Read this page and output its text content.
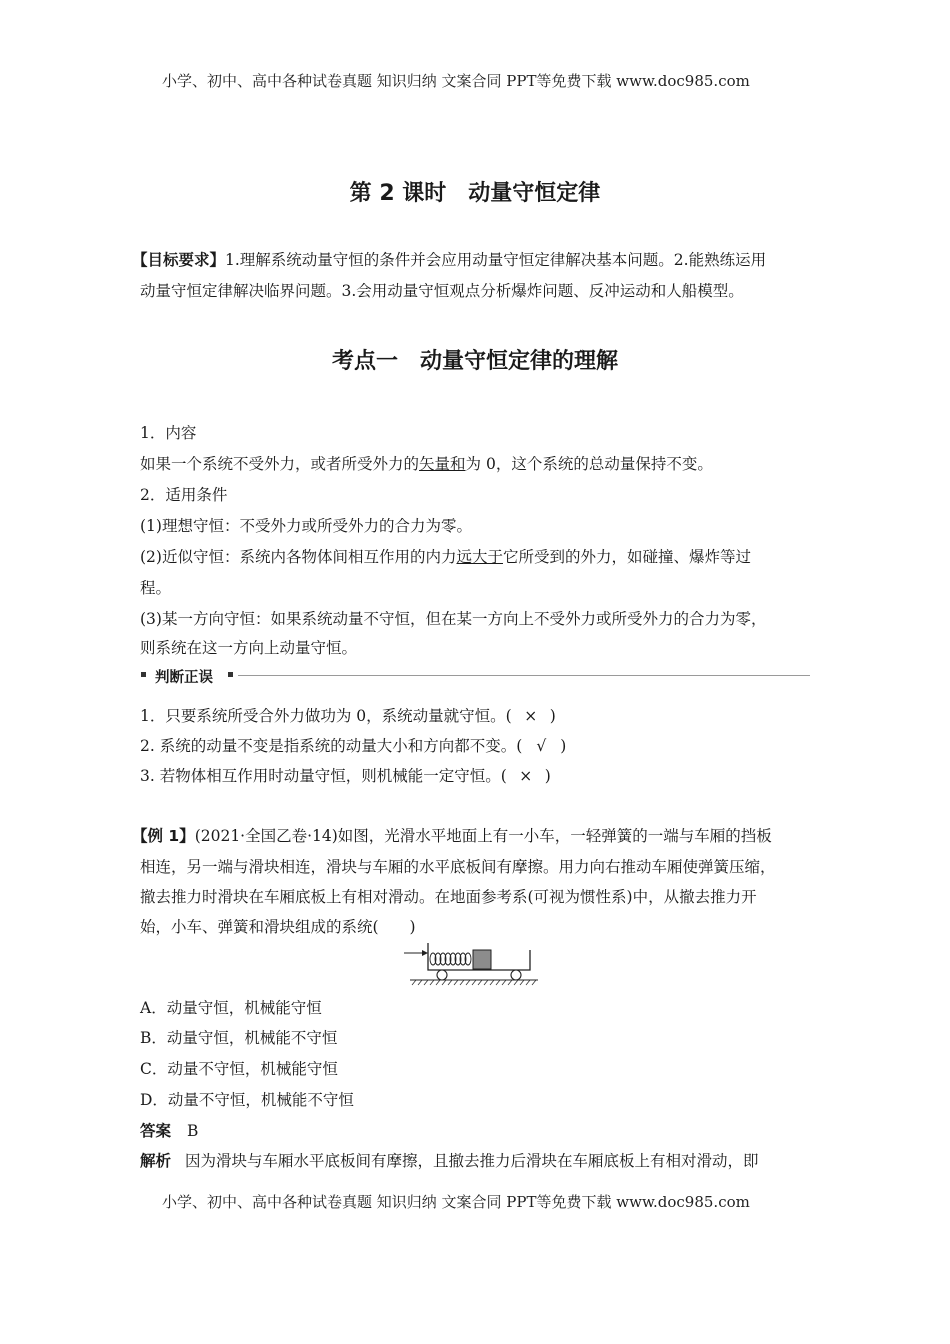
小学、初中、高中各种试卷真题 知识归纳 文案合同 PPT等免费下载 www.doc985.com
第 2 课时　动量守恒定律
【目标要求】1.理解系统动量守恒的条件并会应用动量守恒定律解决基本问题。2.能熟练运用
动量守恒定律解决临界问题。3.会用动量守恒观点分析爆炸问题、反冲运动和人船模型。
考点一　动量守恒定律的理解
1．内容
如果一个系统不受外力，或者所受外力的矢量和为 0，这个系统的总动量保持不变。
2．适用条件
(1)理想守恒：不受外力或所受外力的合力为零。
(2)近似守恒：系统内各物体间相互作用的内力远大于它所受到的外力，如碰撞、爆炸等过
程。
(3)某一方向守恒：如果系统动量不守恒，但在某一方向上不受外力或所受外力的合力为零，
则系统在这一方向上动量守恒。
判断正误
1．只要系统所受合外力做功为 0，系统动量就守恒。( × )
2. 系统的动量不变是指系统的动量大小和方向都不变。( √ )
3. 若物体相互作用时动量守恒，则机械能一定守恒。( × )
【例 1】(2021·全国乙卷·14)如图，光滑水平地面上有一小车，一轻弹簧的一端与车厢的挡板
相连，另一端与滑块相连，滑块与车厢的水平底板间有摩擦。用力向右推动车厢使弹簧压缩，
撤去推力时滑块在车厢底板上有相对滑动。在地面参考系(可视为惯性系)中，从撤去推力开
始，小车、弹簧和滑块组成的系统(　　)
A．动量守恒，机械能守恒
B．动量守恒，机械能不守恒
C．动量不守恒，机械能守恒
D．动量不守恒，机械能不守恒
答案 B
解析 因为滑块与车厢水平底板间有摩擦，且撤去推力后滑块在车厢底板上有相对滑动，即
小学、初中、高中各种试卷真题 知识归纳 文案合同 PPT等免费下载 www.doc985.com
